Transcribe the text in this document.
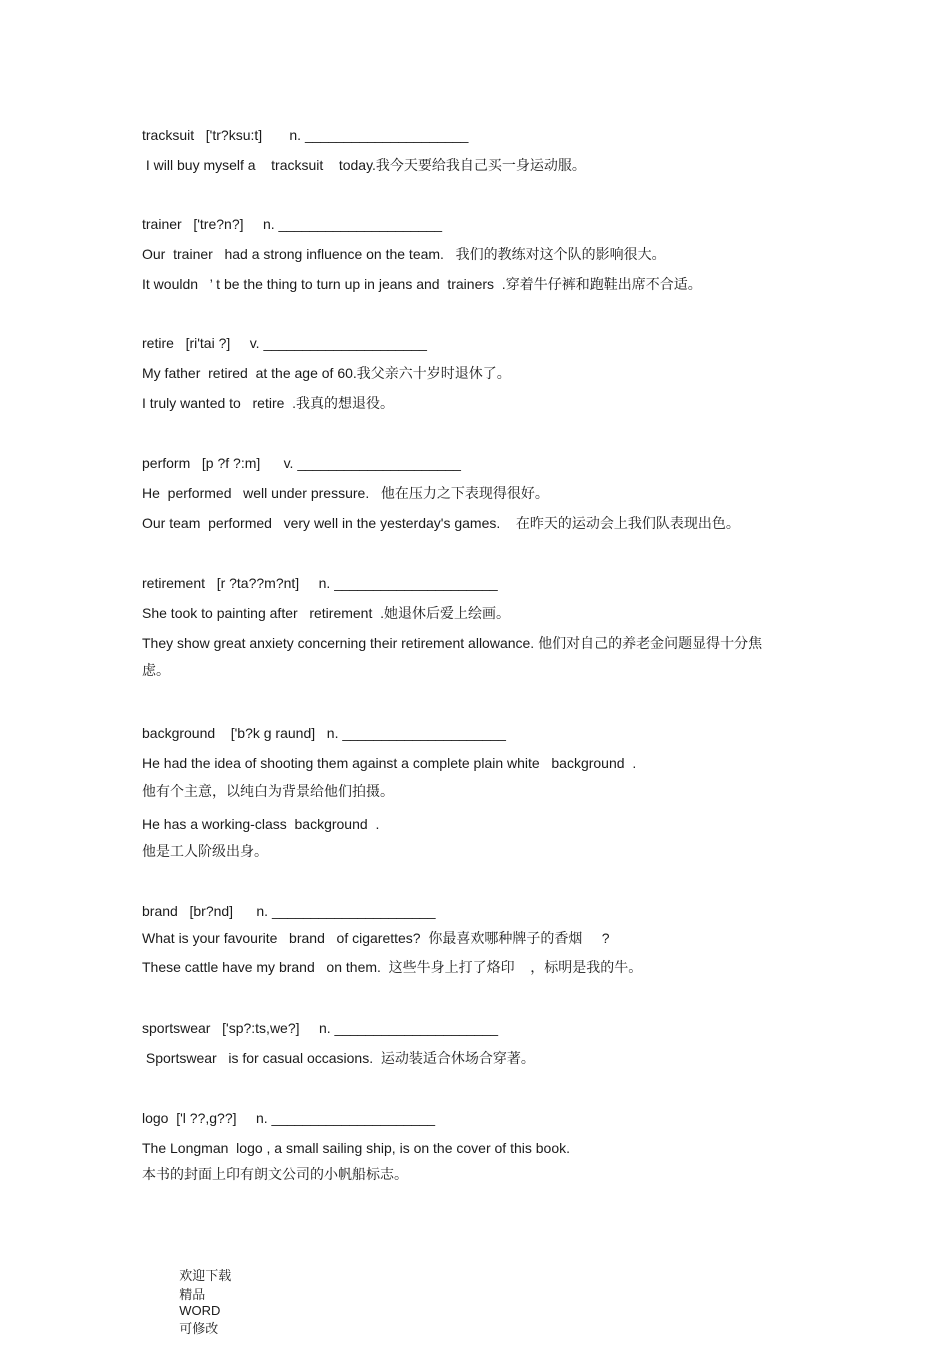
tracksuit   ['tr?ksu:t]       n. _____________________
I will buy myself a    tracksuit    today.我今天要给我自己买一身运动服。
trainer   ['tre?n?]     n. _____________________
Our  trainer   had a strong influence on the team.   我们的教练对这个队的影响很大。
It wouldn   ’ t be the thing to turn up in jeans and  trainers  .穿着牛仔裤和跑鞋出席不合适。
retire   [ri'tai ?]     v. _____________________
My father  retired  at the age of 60.我父亲六十岁时退休了。
I truly wanted to   retire  .我真的想退役。
perform   [p ?f ?:m]      v. _____________________
He  performed   well under pressure.   他在压力之下表现得很好。
Our team  performed   very well in the yesterday's games.    在昨天的运动会上我们队表现出色。
retirement   [r ?ta??m?nt]     n. _____________________
She took to painting after   retirement  .她退休后爱上绘画。
They show great anxiety concerning their retirement allowance. 他们对自己的养老金问题显得十分焦虑。
background    ['b?k ɡ raund]   n. _____________________
He had the idea of shooting them against a complete plain white   background  .
他有个主意，以纯白为背景给他们拍摄。
He has a working-class  background  .
他是工人阶级出身。
brand   [br?nd]      n. _____________________
What is your favourite   brand   of cigarettes?  你最喜欢哪种牌子的香烟     ?
These cattle have my brand   on them.  这些牛身上打了烙印    ，标明是我的牛。
sportswear   ['sp?:ts,we?]     n. _____________________
Sportswear   is for casual occasions.  运动装适合休场合穿著。
logo  ['l ??,g??]     n. _____________________
The Longman  logo , a small sailing ship, is on the cover of this book.
本书的封面上印有朗文公司的小帆船标志。

欢迎下载
精品
WORD
可修改
